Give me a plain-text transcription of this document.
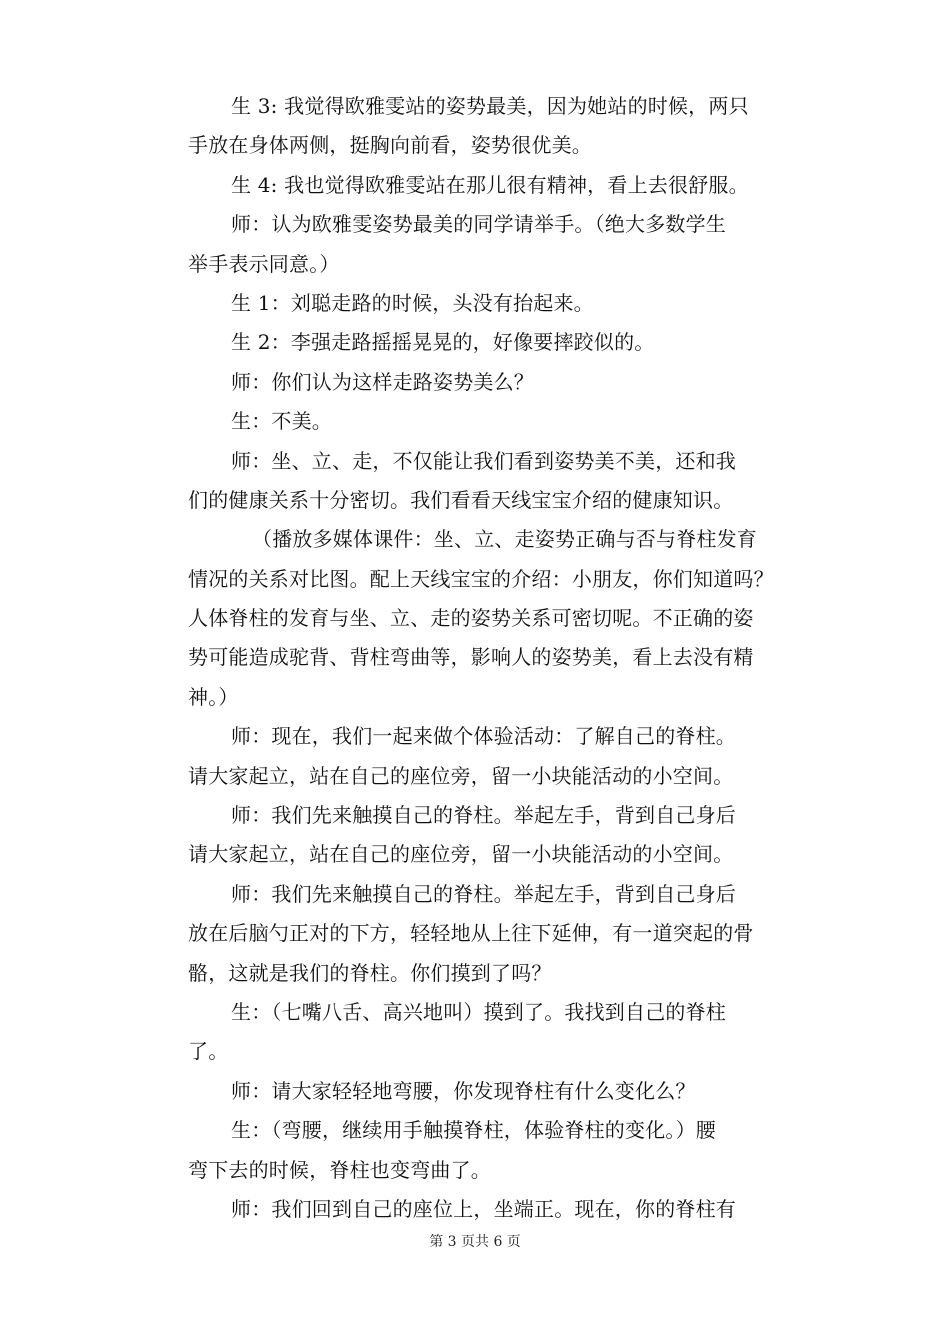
生 3: 我觉得欧雅雯站的姿势最美，因为她站的时候，两只
手放在身体两侧，挺胸向前看，姿势很优美。
生 4: 我也觉得欧雅雯站在那儿很有精神，看上去很舒服。
师：认为欧雅雯姿势最美的同学请举手。（绝大多数学生
举手表示同意。）
生 1：刘聪走路的时候，头没有抬起来。
生 2：李强走路摇摇晃晃的，好像要摔跤似的。
师：你们认为这样走路姿势美么？
生：不美。
师：坐、立、走，不仅能让我们看到姿势美不美，还和我
们的健康关系十分密切。我们看看天线宝宝介绍的健康知识。
（播放多媒体课件：坐、立、走姿势正确与否与脊柱发育
情况的关系对比图。配上天线宝宝的介绍：小朋友，你们知道吗？
人体脊柱的发育与坐、立、走的姿势关系可密切呢。不正确的姿
势可能造成驼背、背柱弯曲等，影响人的姿势美，看上去没有精
神。）
师：现在，我们一起来做个体验活动：了解自己的脊柱。
请大家起立，站在自己的座位旁，留一小块能活动的小空间。
师：我们先来触摸自己的脊柱。举起左手，背到自己身后
请大家起立，站在自己的座位旁，留一小块能活动的小空间。
师：我们先来触摸自己的脊柱。举起左手，背到自己身后
放在后脑勺正对的下方，轻轻地从上往下延伸，有一道突起的骨
骼，这就是我们的脊柱。你们摸到了吗？
生：（七嘴八舌、高兴地叫）摸到了。我找到自己的脊柱
了。
师：请大家轻轻地弯腰，你发现脊柱有什么变化么？
生：（弯腰，继续用手触摸脊柱，体验脊柱的变化。）腰
弯下去的时候，脊柱也变弯曲了。
师：我们回到自己的座位上，坐端正。现在，你的脊柱有
第 3 页共 6 页
